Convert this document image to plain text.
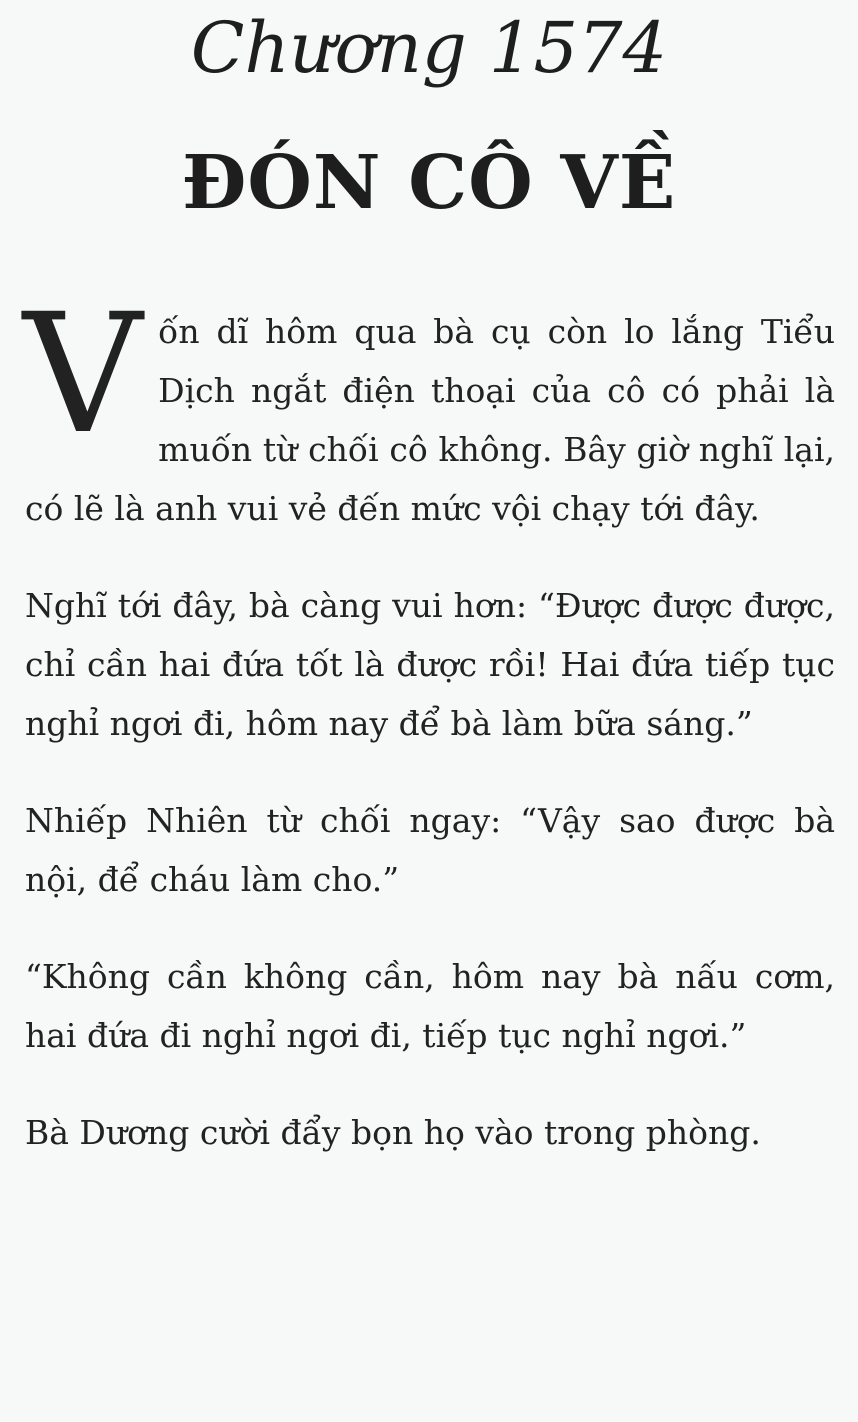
Chương 1574
ĐÓN CÔ VỀ

Vốn dĩ hôm qua bà cụ còn lo lắng Tiểu Dịch ngắt điện thoại của cô có phải là muốn từ chối cô không. Bây giờ nghĩ lại, có lẽ là anh vui vẻ đến mức vội chạy tới đây.

Nghĩ tới đây, bà càng vui hơn: “Được được được, chỉ cần hai đứa tốt là được rồi! Hai đứa tiếp tục nghỉ ngơi đi, hôm nay để bà làm bữa sáng.”

Nhiếp Nhiên từ chối ngay: “Vậy sao được bà nội, để cháu làm cho.”

“Không cần không cần, hôm nay bà nấu cơm, hai đứa đi nghỉ ngơi đi, tiếp tục nghỉ ngơi.”

Bà Dương cười đẩy bọn họ vào trong phòng.
